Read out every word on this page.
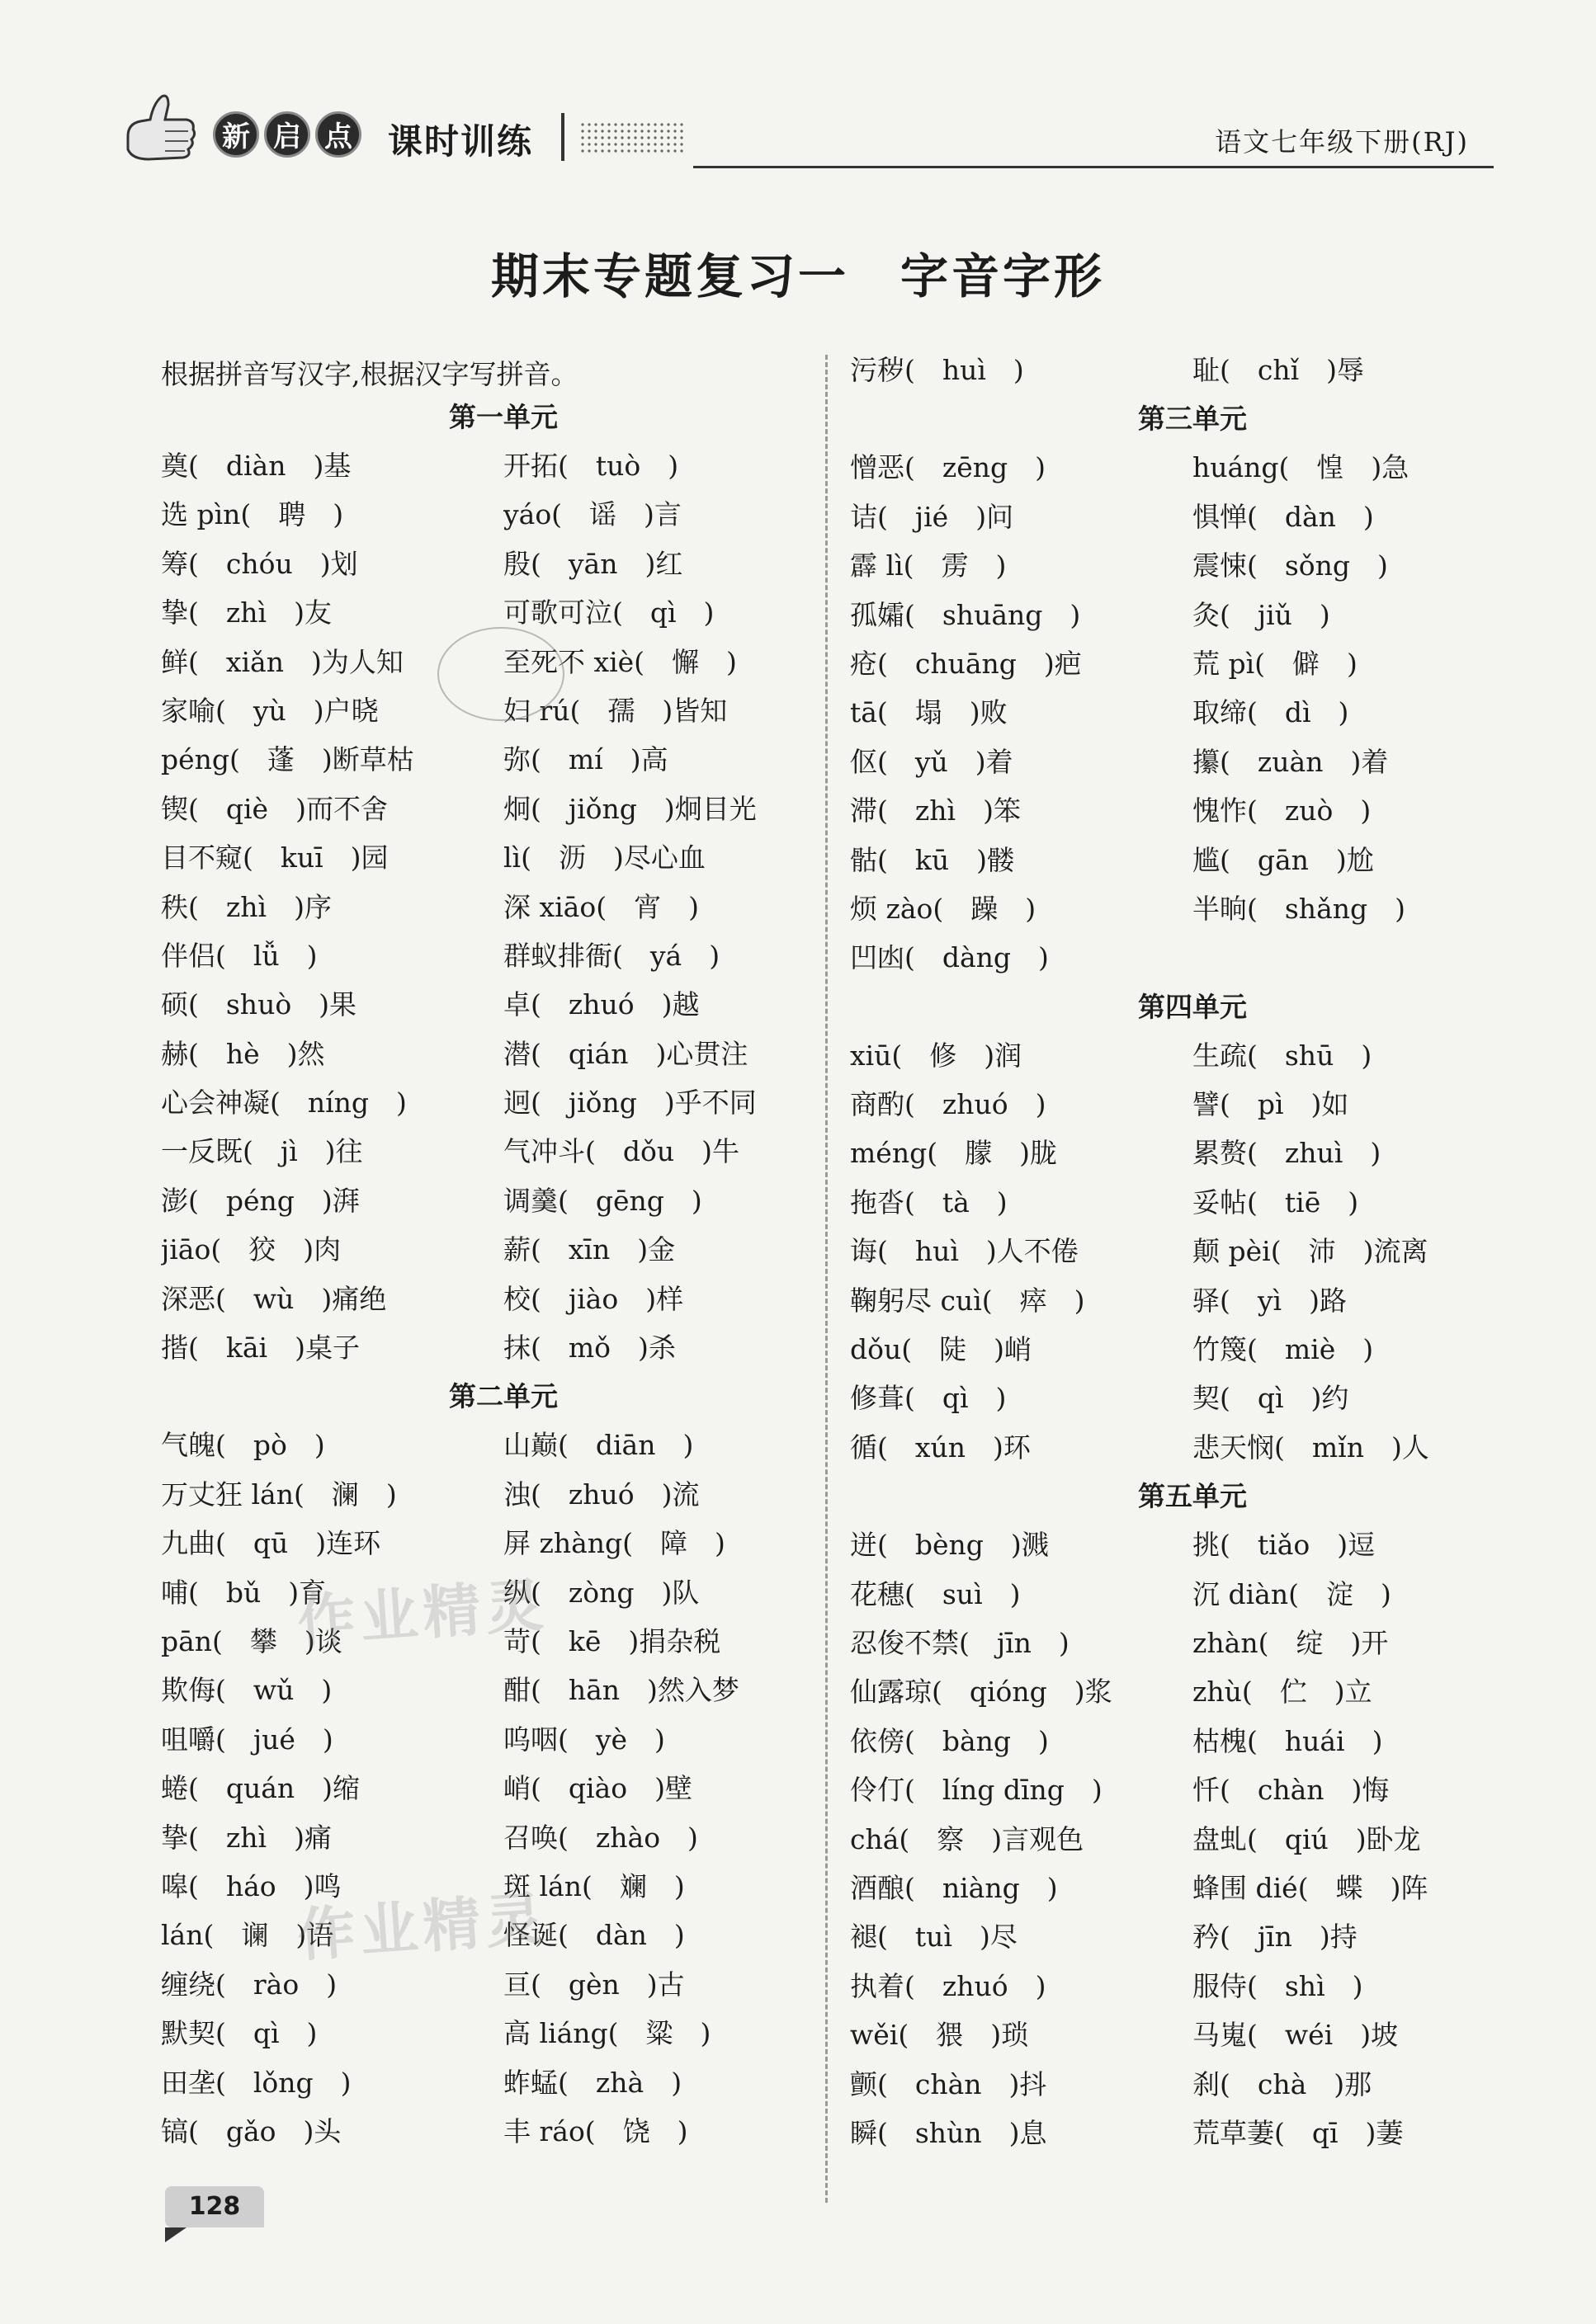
新 启 点 课时训练	语文七年级下册(RJ)
期末专题复习一　字音字形
根据拼音写汉字,根据汉字写拼音。
第一单元
奠(　diàn　)基	开拓(　tuò　)
选 pìn(　聘　)	yáo(　谣　)言
筹(　chóu　)划	殷(　yān　)红
挚(　zhì　)友	可歌可泣(　qì　)
鲜(　xiǎn　)为人知	至死不 xiè(　懈　)
家喻(　yù　)户晓	妇 rú(　孺　)皆知
péng(　蓬　)断草枯	弥(　mí　)高
锲(　qiè　)而不舍	炯(　jiǒng　)炯目光
目不窥(　kuī　)园	lì(　沥　)尽心血
秩(　zhì　)序	深 xiāo(　宵　)
伴侣(　lǚ　)	群蚁排衙(　yá　)
硕(　shuò　)果	卓(　zhuó　)越
赫(　hè　)然	潜(　qián　)心贯注
心会神凝(　níng　)	迥(　jiǒng　)乎不同
一反既(　jì　)往	气冲斗(　dǒu　)牛
澎(　péng　)湃	调羹(　gēng　)
jiāo(　狡　)肉	薪(　xīn　)金
深恶(　wù　)痛绝	校(　jiào　)样
揩(　kāi　)桌子	抹(　mǒ　)杀
第二单元
气魄(　pò　)	山巅(　diān　)
万丈狂 lán(　澜　)	浊(　zhuó　)流
九曲(　qū　)连环	屏 zhàng(　障　)
哺(　bǔ　)育	纵(　zòng　)队
pān(　攀　)谈	苛(　kē　)捐杂税
欺侮(　wǔ　)	酣(　hān　)然入梦
咀嚼(　jué　)	呜咽(　yè　)
蜷(　quán　)缩	峭(　qiào　)壁
挚(　zhì　)痛	召唤(　zhào　)
嗥(　háo　)鸣	斑 lán(　斓　)
lán(　谰　)语	怪诞(　dàn　)
缠绕(　rào　)	亘(　gèn　)古
默契(　qì　)	高 liáng(　粱　)
田垄(　lǒng　)	蚱蜢(　zhà　)
镐(　gǎo　)头	丰 ráo(　饶　)
污秽(　huì　)	耻(　chǐ　)辱
第三单元
憎恶(　zēng　)	huáng(　惶　)急
诘(　jié　)问	惧惮(　dàn　)
霹 lì(　雳　)	震悚(　sǒng　)
孤孀(　shuāng　)	灸(　jiǔ　)
疮(　chuāng　)疤	荒 pì(　僻　)
tā(　塌　)败	取缔(　dì　)
伛(　yǔ　)着	攥(　zuàn　)着
滞(　zhì　)笨	愧怍(　zuò　)
骷(　kū　)髅	尴(　gān　)尬
烦 zào(　躁　)	半晌(　shǎng　)
凹凼(　dàng　)
第四单元
xiū(　修　)润	生疏(　shū　)
商酌(　zhuó　)	譬(　pì　)如
méng(　朦　)胧	累赘(　zhuì　)
拖沓(　tà　)	妥帖(　tiē　)
诲(　huì　)人不倦	颠 pèi(　沛　)流离
鞠躬尽 cuì(　瘁　)	驿(　yì　)路
dǒu(　陡　)峭	竹篾(　miè　)
修葺(　qì　)	契(　qì　)约
循(　xún　)环	悲天悯(　mǐn　)人
第五单元
迸(　bèng　)溅	挑(　tiǎo　)逗
花穗(　suì　)	沉 diàn(　淀　)
忍俊不禁(　jīn　)	zhàn(　绽　)开
仙露琼(　qióng　)浆	zhù(　伫　)立
依傍(　bàng　)	枯槐(　huái　)
伶仃(　líng dīng　)	忏(　chàn　)悔
chá(　察　)言观色	盘虬(　qiú　)卧龙
酒酿(　niàng　)	蜂围 dié(　蝶　)阵
褪(　tuì　)尽	矜(　jīn　)持
执着(　zhuó　)	服侍(　shì　)
wěi(　猥　)琐	马嵬(　wéi　)坡
颤(　chàn　)抖	刹(　chà　)那
瞬(　shùn　)息	荒草萋(　qī　)萋
作业精灵
作业精灵
128
